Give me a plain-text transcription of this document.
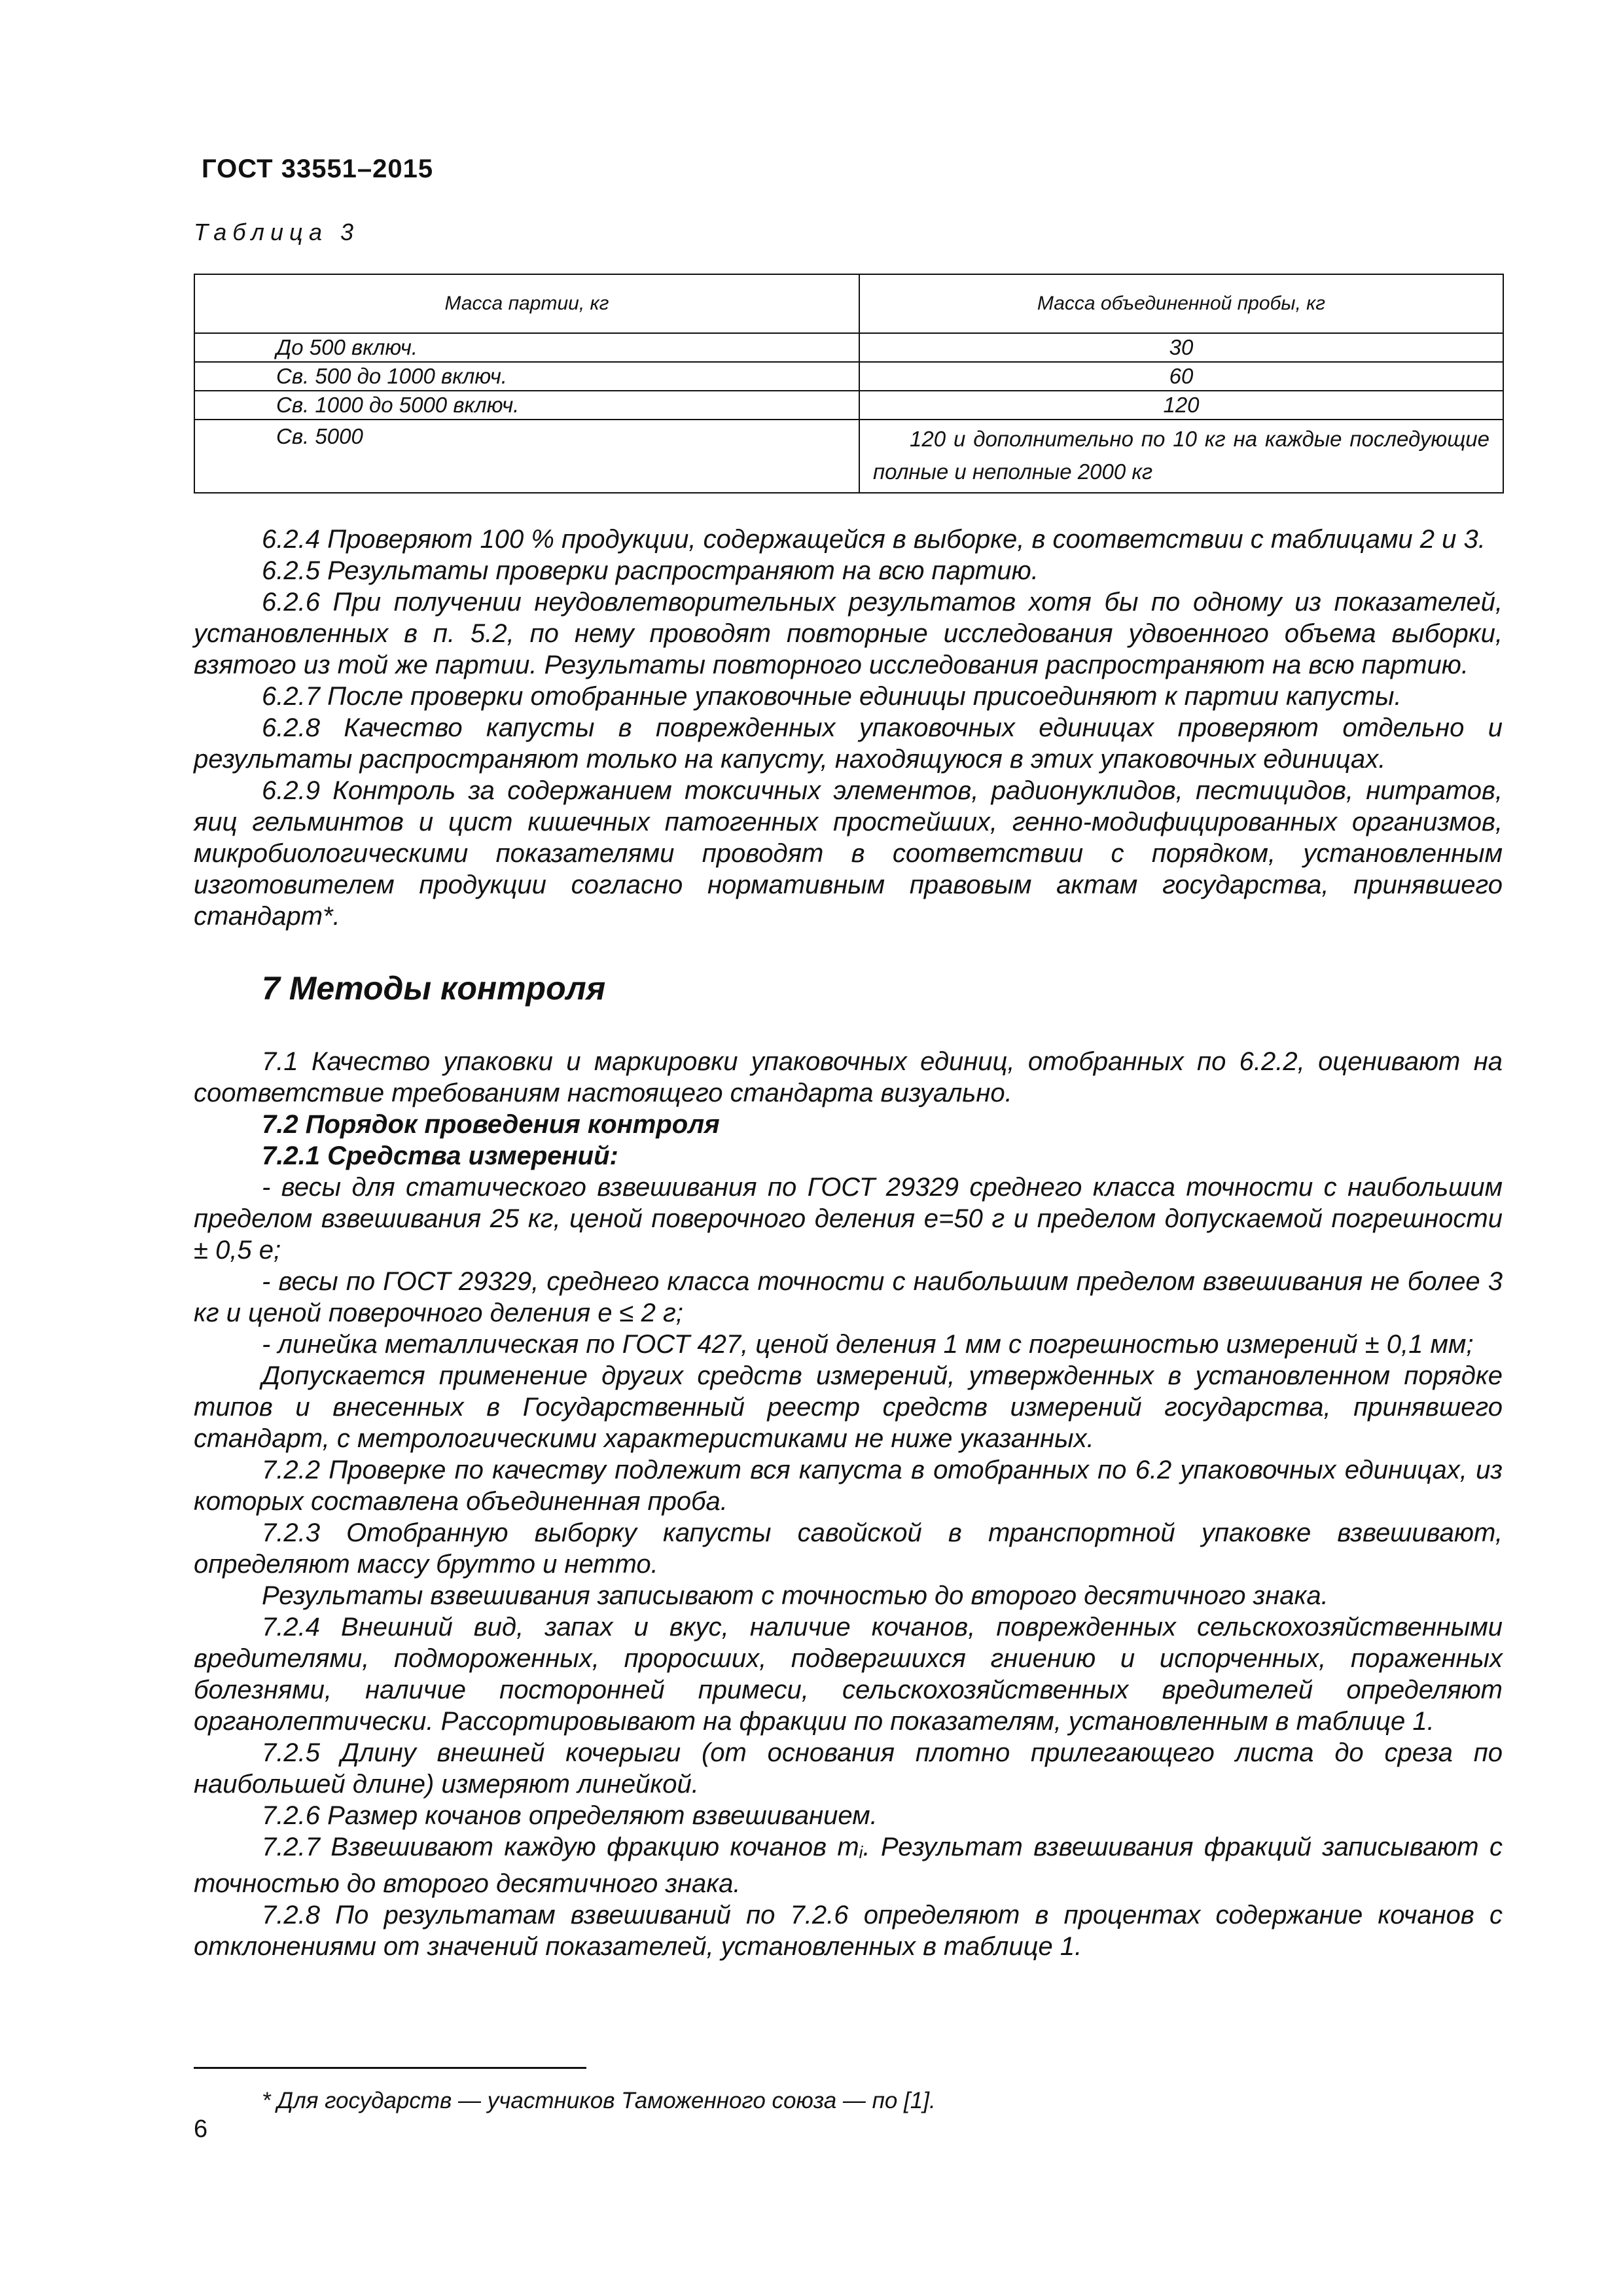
ГОСТ 33551–2015
Таблица 3
Масса партии, кг	Масса объединенной пробы, кг
До 500 включ.	30
Св. 500 до 1000 включ.	60
Св. 1000 до 5000 включ.	120
Св. 5000	120 и дополнительно по 10 кг на каждые последующие полные и неполные 2000 кг

6.2.4 Проверяют 100 % продукции, содержащейся в выборке, в соответствии с таблицами 2 и 3.

6.2.5 Результаты проверки распространяют на всю партию.

6.2.6 При получении неудовлетворительных результатов хотя бы по одному из показателей, установленных в п. 5.2, по нему проводят повторные исследования удвоенного объема выборки, взятого из той же партии. Результаты повторного исследования распространяют на всю партию.

6.2.7 После проверки отобранные упаковочные единицы присоединяют к партии капусты.

6.2.8 Качество капусты в поврежденных упаковочных единицах проверяют отдельно и результаты распространяют только на капусту, находящуюся в этих упаковочных единицах.

6.2.9 Контроль за содержанием токсичных элементов, радионуклидов, пестицидов, нитратов, яиц гельминтов и цист кишечных патогенных простейших, генно-модифицированных организмов, микробиологическими показателями проводят в соответствии с порядком, установленным изготовителем продукции согласно нормативным правовым актам государства, принявшего стандарт*.

7 Методы контроля

7.1 Качество упаковки и маркировки упаковочных единиц, отобранных по 6.2.2, оценивают на соответствие требованиям настоящего стандарта визуально.

7.2 Порядок проведения контроля

7.2.1 Средства измерений:

- весы для статического взвешивания по ГОСТ 29329 среднего класса точности с наибольшим пределом взвешивания 25 кг, ценой поверочного деления е=50 г и пределом допускаемой погрешности ± 0,5 е;

- весы по ГОСТ 29329, среднего класса точности с наибольшим пределом взвешивания не более 3 кг и ценой поверочного деления е ≤ 2 г;

- линейка металлическая по ГОСТ 427, ценой деления 1 мм с погрешностью измерений ± 0,1 мм;

Допускается применение других средств измерений, утвержденных в установленном порядке типов и внесенных в Государственный реестр средств измерений государства, принявшего стандарт, с метрологическими характеристиками не ниже указанных.

7.2.2 Проверке по качеству подлежит вся капуста в отобранных по 6.2 упаковочных единицах, из которых составлена объединенная проба.

7.2.3 Отобранную выборку капусты савойской в транспортной упаковке взвешивают, определяют массу брутто и нетто.

Результаты взвешивания записывают с точностью до второго десятичного знака.

7.2.4 Внешний вид, запах и вкус, наличие кочанов, поврежденных сельскохозяйственными вредителями, подмороженных, проросших, подвергшихся гниению и испорченных, пораженных болезнями, наличие посторонней примеси, сельскохозяйственных вредителей определяют органолептически. Рассортировывают на фракции по показателям, установленным в таблице 1.

7.2.5 Длину внешней кочерыги (от основания плотно прилегающего листа до среза по наибольшей длине) измеряют линейкой.

7.2.6 Размер кочанов определяют взвешиванием.

7.2.7 Взвешивают каждую фракцию кочанов mi. Результат взвешивания фракций записывают с точностью до второго десятичного знака.

7.2.8 По результатам взвешиваний по 7.2.6 определяют в процентах содержание кочанов с отклонениями от значений показателей, установленных в таблице 1.

* Для государств — участников Таможенного союза — по [1].
6
